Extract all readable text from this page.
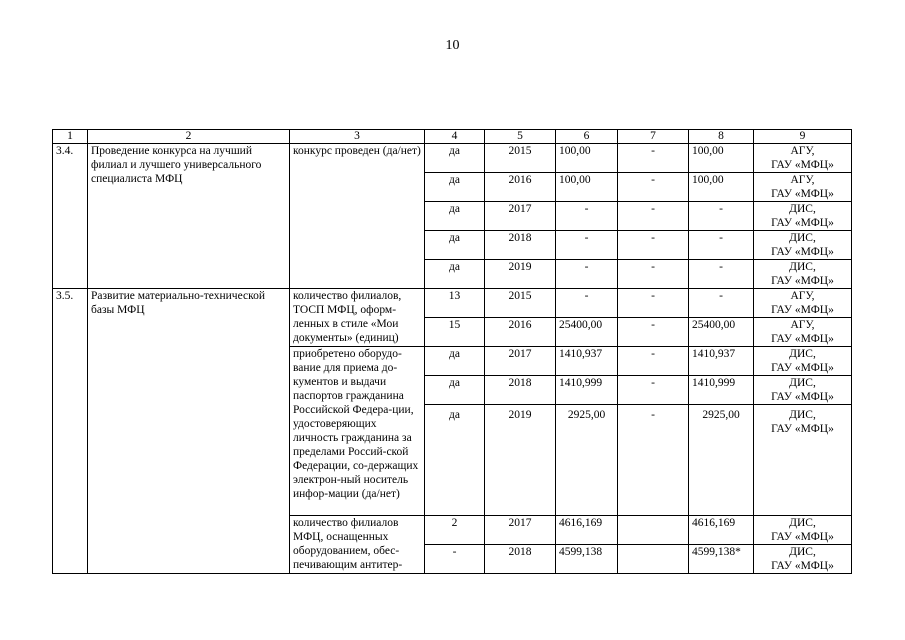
10
1	2	3	4	5	6	7	8	9
3.4.	Проведение конкурса на лучший филиал и лучшего универсального специалиста МФЦ	конкурс проведен (да/нет)	да	2015	100,00	-	100,00	АГУ,
ГАУ «МФЦ»
			да	2016	100,00	-	100,00	АГУ,
ГАУ «МФЦ»
			да	2017	-	-	-	ДИС,
ГАУ «МФЦ»
			да	2018	-	-	-	ДИС,
ГАУ «МФЦ»
			да	2019	-	-	-	ДИС,
ГАУ «МФЦ»
3.5.	Развитие материально-технической базы МФЦ	количество филиалов, ТОСП МФЦ, оформ-ленных в стиле «Мои документы» (единиц)	13	2015	-	-	-	АГУ,
ГАУ «МФЦ»
			15	2016	25400,00	-	25400,00	АГУ,
ГАУ «МФЦ»
		приобретено оборудо-вание для приема до-кументов и выдачи паспортов гражданина Российской Федера-ции, удостоверяющих личность гражданина за пределами Россий-ской Федерации, со-держащих электрон-ный носитель инфор-мации (да/нет)	да	2017	1410,937	-	1410,937	ДИС,
ГАУ «МФЦ»
			да	2018	1410,999	-	1410,999	ДИС,
ГАУ «МФЦ»
			да	2019	2925,00	-	2925,00	ДИС,
ГАУ «МФЦ»
		количество филиалов МФЦ, оснащенных оборудованием, обес-печивающим антитер-	2	2017	4616,169		4616,169	ДИС,
ГАУ «МФЦ»
			-	2018	4599,138		4599,138*	ДИС,
ГАУ «МФЦ»
